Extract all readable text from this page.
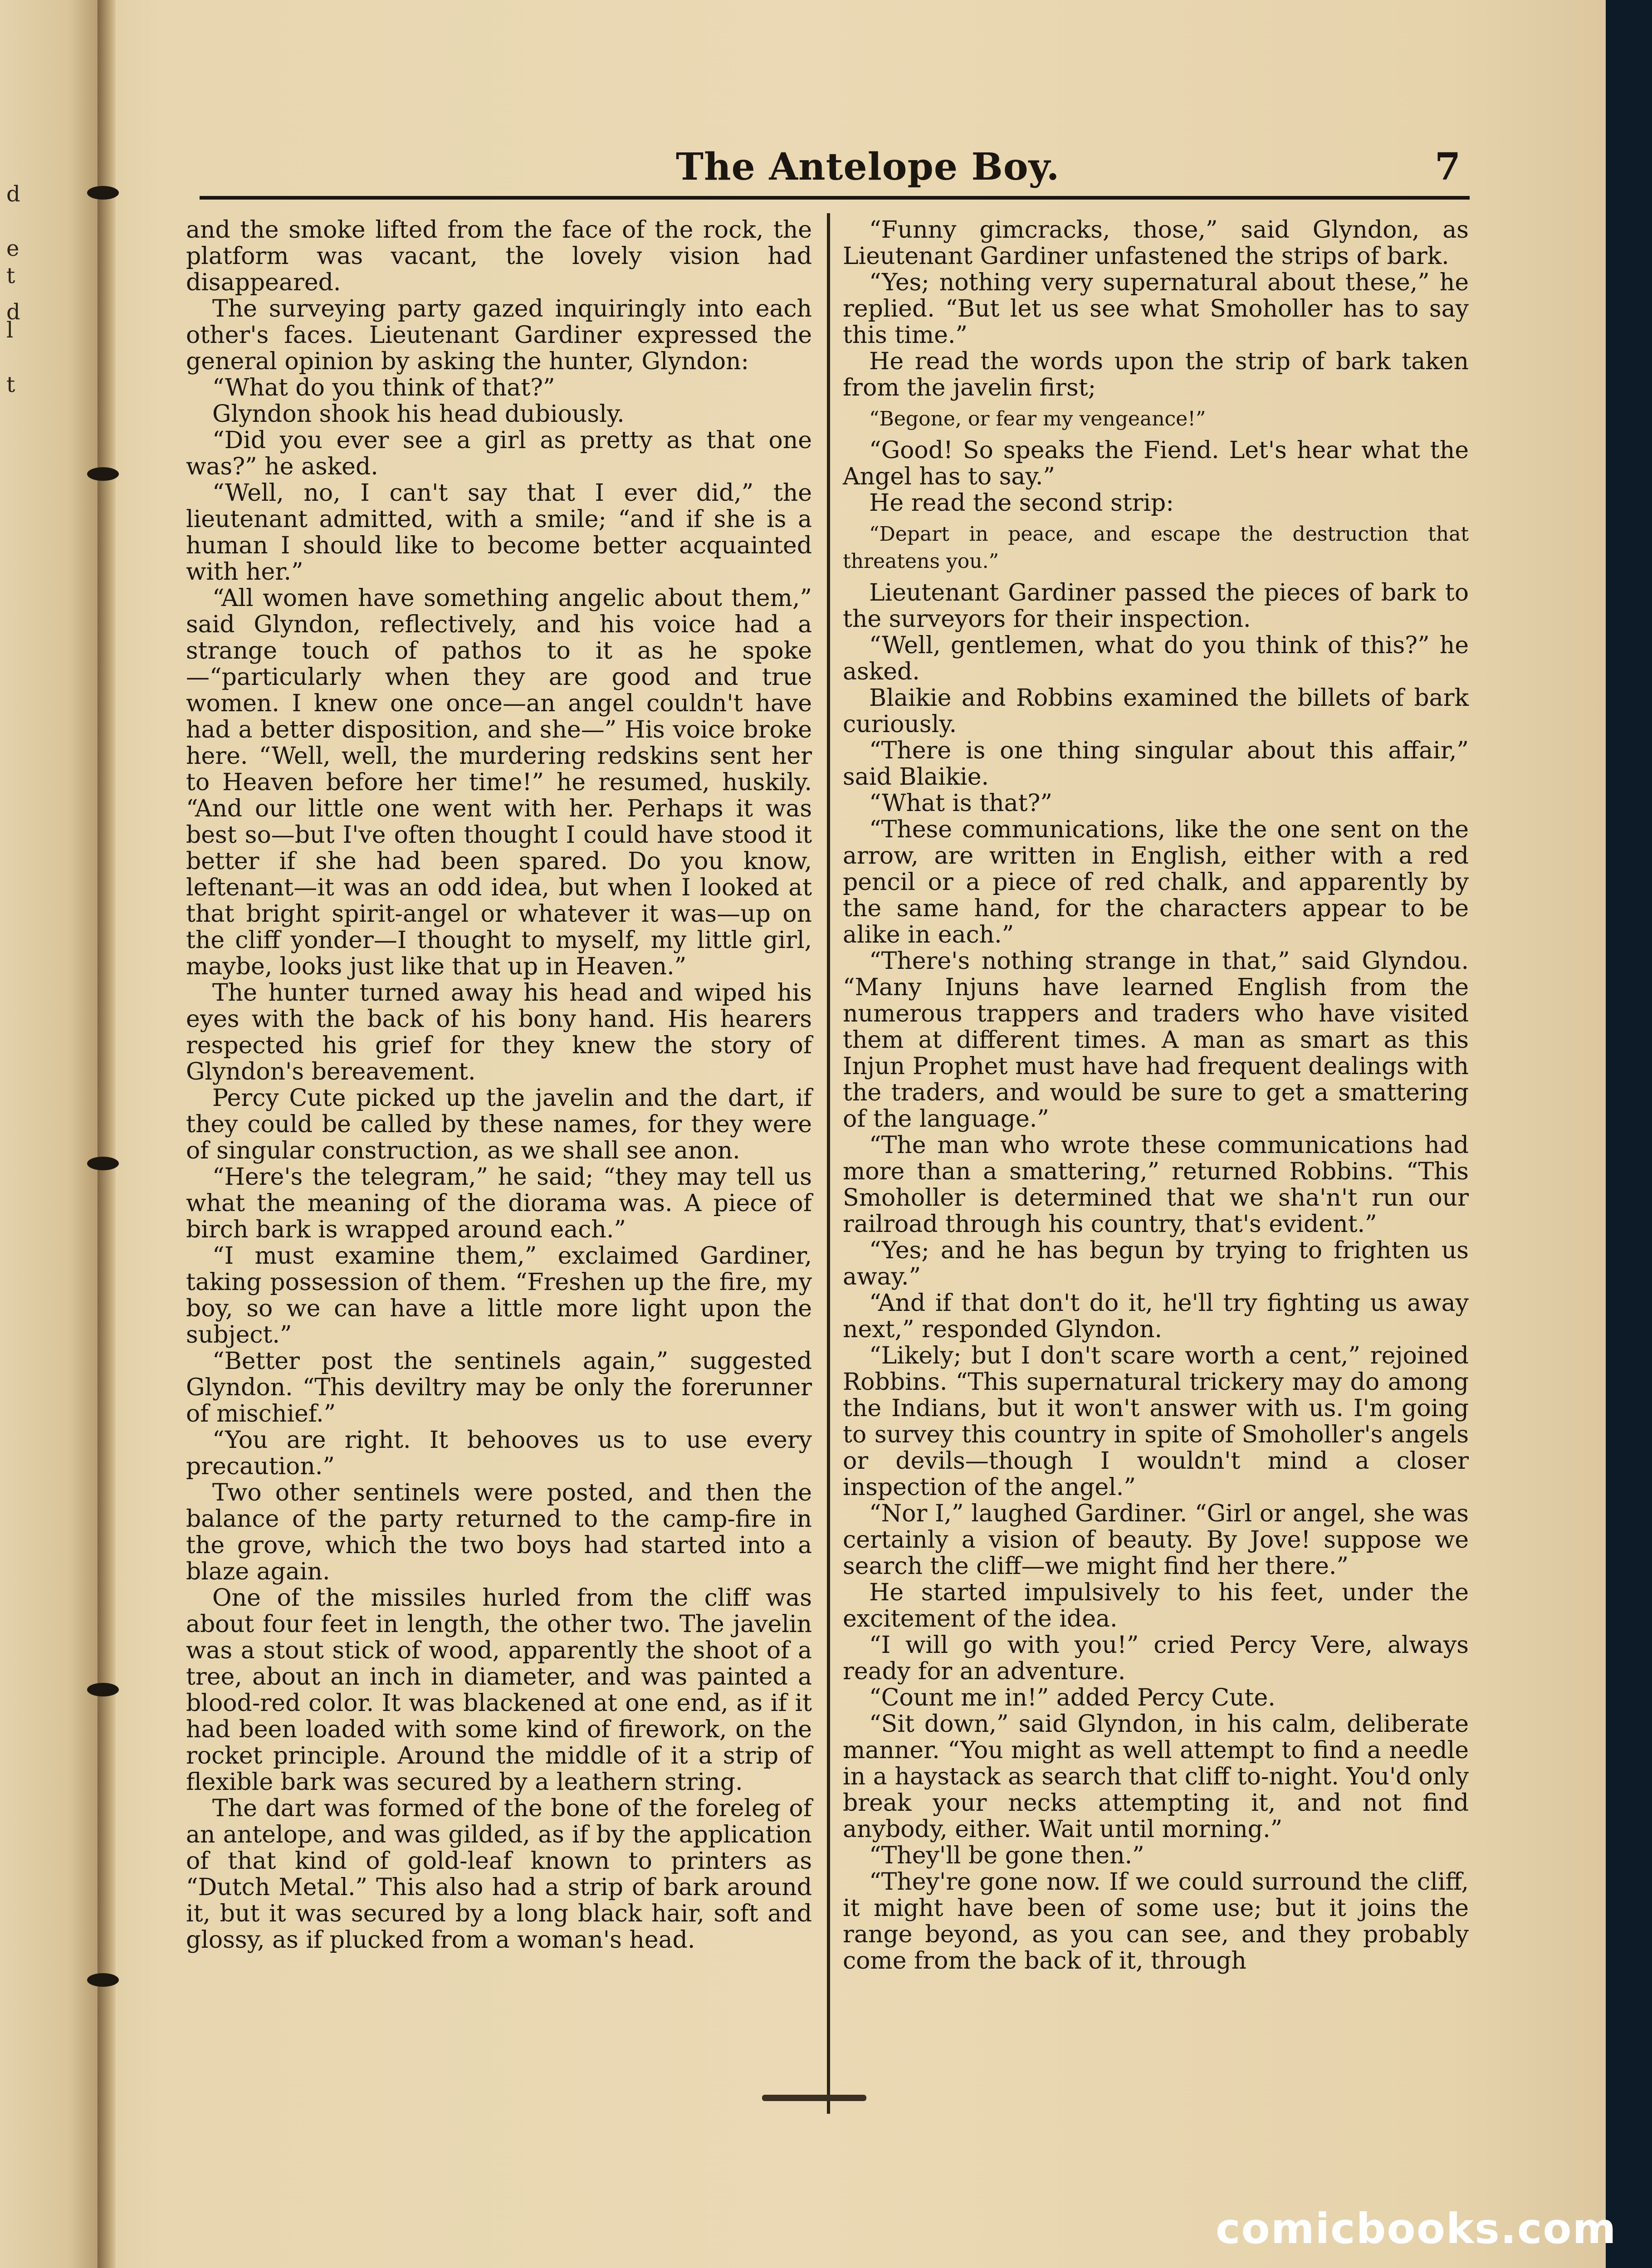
d
e
t
d
l
t
The Antelope Boy.	7

and the smoke lifted from the face of the rock, the platform was vacant, the lovely vision had disappeared.

The surveying party gazed inquiringly into each other's faces. Lieutenant Gardiner expressed the general opinion by asking the hunter, Glyndon:

“What do you think of that?”

Glyndon shook his head dubiously.

“Did you ever see a girl as pretty as that one was?” he asked.

“Well, no, I can't say that I ever did,” the lieutenant admitted, with a smile; “and if she is a human I should like to become better acquainted with her.”

“All women have something angelic about them,” said Glyndon, reflectively, and his voice had a strange touch of pathos to it as he spoke—“particularly when they are good and true women. I knew one once—an angel couldn't have had a better disposition, and she—” His voice broke here. “Well, well, the murdering redskins sent her to Heaven before her time!” he resumed, huskily. “And our little one went with her. Perhaps it was best so—but I've often thought I could have stood it better if she had been spared. Do you know, leftenant—it was an odd idea, but when I looked at that bright spirit-angel or whatever it was—up on the cliff yonder—I thought to myself, my little girl, maybe, looks just like that up in Heaven.”

The hunter turned away his head and wiped his eyes with the back of his bony hand. His hearers respected his grief for they knew the story of Glyndon's bereavement.

Percy Cute picked up the javelin and the dart, if they could be called by these names, for they were of singular construction, as we shall see anon.

“Here's the telegram,” he said; “they may tell us what the meaning of the diorama was. A piece of birch bark is wrapped around each.”

“I must examine them,” exclaimed Gardiner, taking possession of them. “Freshen up the fire, my boy, so we can have a little more light upon the subject.”

“Better post the sentinels again,” suggested Glyndon. “This deviltry may be only the forerunner of mischief.”

“You are right. It behooves us to use every precaution.”

Two other sentinels were posted, and then the balance of the party returned to the camp-fire in the grove, which the two boys had started into a blaze again.

One of the missiles hurled from the cliff was about four feet in length, the other two. The javelin was a stout stick of wood, apparently the shoot of a tree, about an inch in diameter, and was painted a blood-red color. It was blackened at one end, as if it had been loaded with some kind of firework, on the rocket principle. Around the middle of it a strip of flexible bark was secured by a leathern string.

The dart was formed of the bone of the foreleg of an antelope, and was gilded, as if by the application of that kind of gold-leaf known to printers as “Dutch Metal.” This also had a strip of bark around it, but it was secured by a long black hair, soft and glossy, as if plucked from a woman's head.

“Funny gimcracks, those,” said Glyndon, as Lieutenant Gardiner unfastened the strips of bark.

“Yes; nothing very supernatural about these,” he replied. “But let us see what Smoholler has to say this time.”

He read the words upon the strip of bark taken from the javelin first;

“Begone, or fear my vengeance!”

“Good! So speaks the Fiend. Let's hear what the Angel has to say.”

He read the second strip:

“Depart in peace, and escape the destruction that threatens you.”

Lieutenant Gardiner passed the pieces of bark to the surveyors for their inspection.

“Well, gentlemen, what do you think of this?” he asked.

Blaikie and Robbins examined the billets of bark curiously.

“There is one thing singular about this affair,” said Blaikie.

“What is that?”

“These communications, like the one sent on the arrow, are written in English, either with a red pencil or a piece of red chalk, and apparently by the same hand, for the characters appear to be alike in each.”

“There's nothing strange in that,” said Glyndou. “Many Injuns have learned English from the numerous trappers and traders who have visited them at different times. A man as smart as this Injun Prophet must have had frequent dealings with the traders, and would be sure to get a smattering of the language.”

“The man who wrote these communications had more than a smattering,” returned Robbins. “This Smoholler is determined that we sha'n't run our railroad through his country, that's evident.”

“Yes; and he has begun by trying to frighten us away.”

“And if that don't do it, he'll try fighting us away next,” responded Glyndon.

“Likely; but I don't scare worth a cent,” rejoined Robbins. “This supernatural trickery may do among the Indians, but it won't answer with us. I'm going to survey this country in spite of Smoholler's angels or devils—though I wouldn't mind a closer inspection of the angel.”

“Nor I,” laughed Gardiner. “Girl or angel, she was certainly a vision of beauty. By Jove! suppose we search the cliff—we might find her there.”

He started impulsively to his feet, under the excitement of the idea.

“I will go with you!” cried Percy Vere, always ready for an adventure.

“Count me in!” added Percy Cute.

“Sit down,” said Glyndon, in his calm, deliberate manner. “You might as well attempt to find a needle in a haystack as search that cliff to-night. You'd only break your necks attempting it, and not find anybody, either. Wait until morning.”

“They'll be gone then.”

“They're gone now. If we could surround the cliff, it might have been of some use; but it joins the range beyond, as you can see, and they probably come from the back of it, through

comicbooks.com
